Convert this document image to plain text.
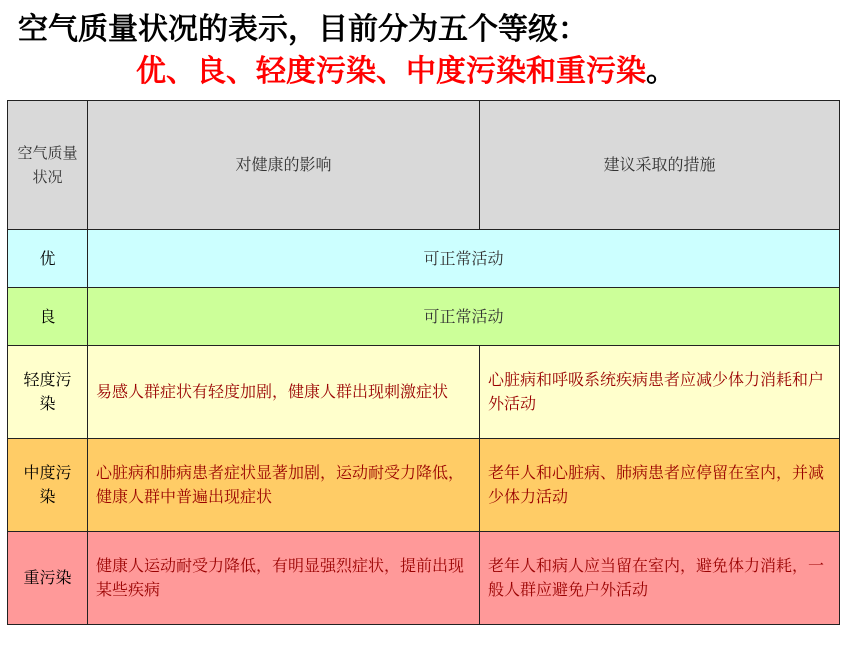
空气质量状况的表示，目前分为五个等级：
优、良、轻度污染、中度污染和重污染。
空气质量状况	对健康的影响	建议采取的措施
优	可正常活动	
良	可正常活动	
轻度污染	易感人群症状有轻度加剧，健康人群出现刺激症状	心脏病和呼吸系统疾病患者应减少体力消耗和户外活动
中度污染	心脏病和肺病患者症状显著加剧，运动耐受力降低，健康人群中普遍出现症状	老年人和心脏病、肺病患者应停留在室内，并减少体力活动
重污染	健康人运动耐受力降低，有明显强烈症状，提前出现某些疾病	老年人和病人应当留在室内，避免体力消耗，一般人群应避免户外活动
